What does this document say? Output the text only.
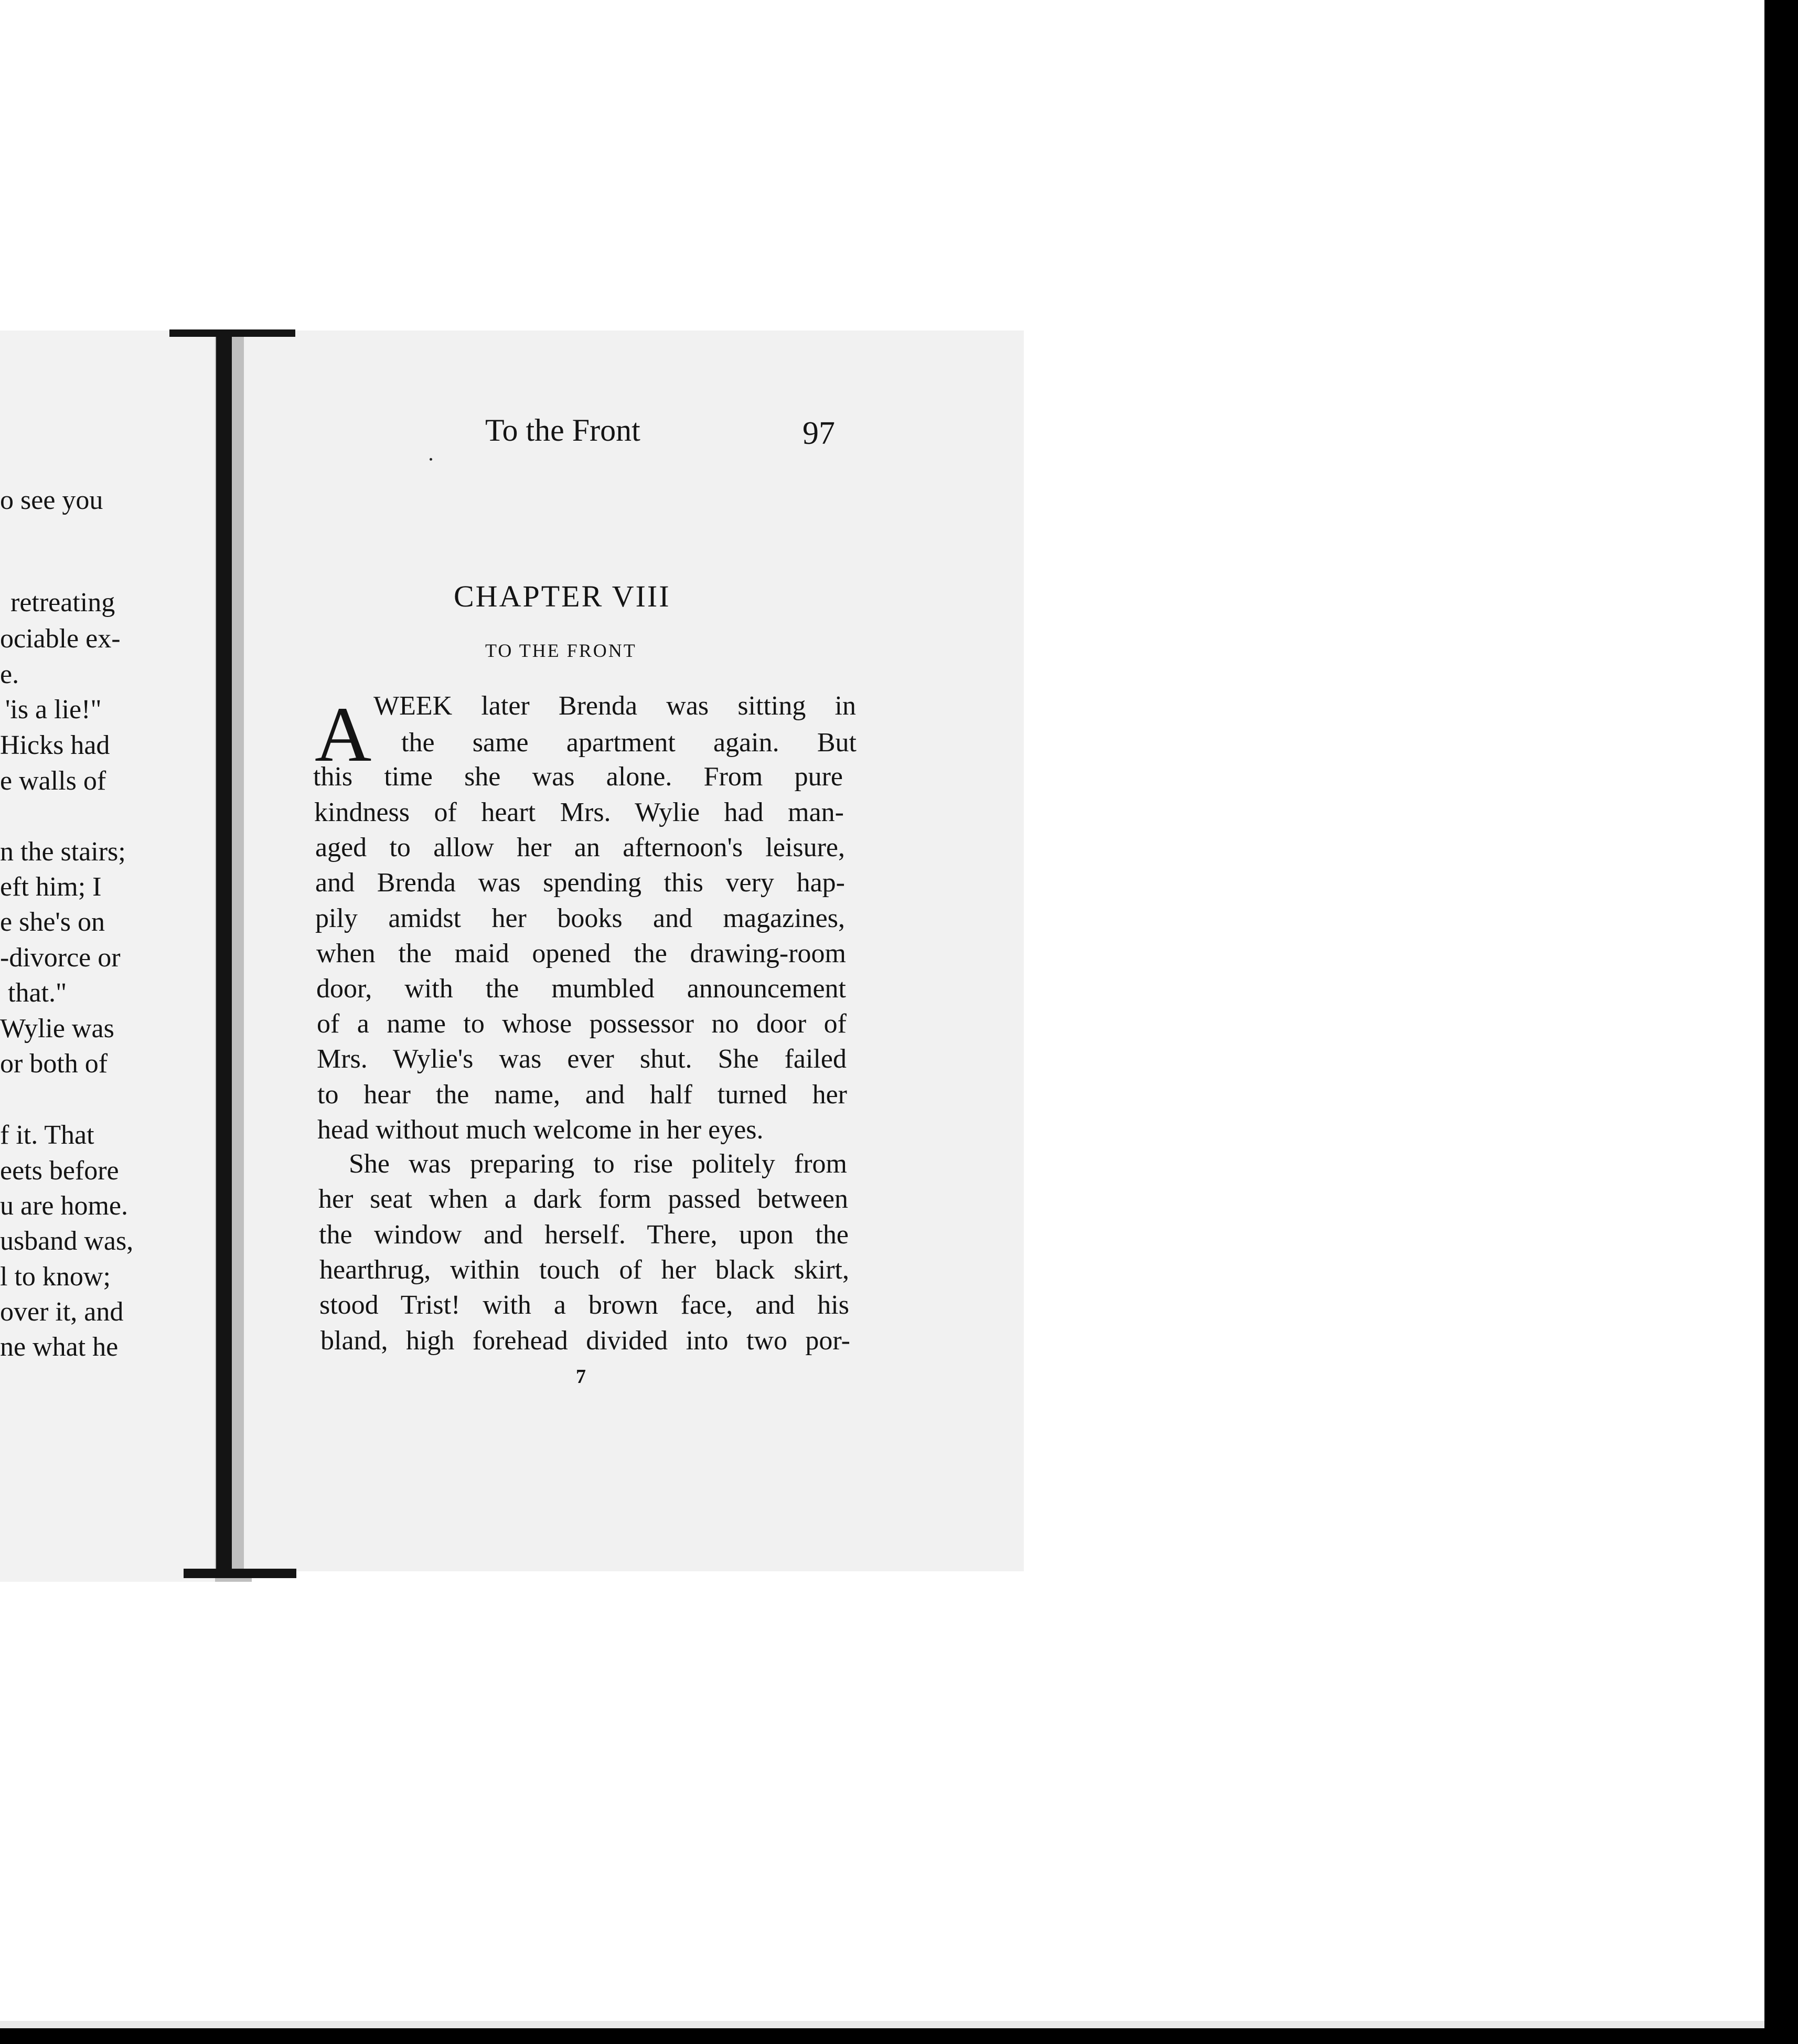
o see you

retreating

ociable ex-

e.

'is a lie!"

Hicks had

e walls of

n the stairs;

eft him; I

e she's on

-divorce or

that."

Wylie was

or both of

f it. That

eets before

u are home.

usband was,

l to know;

over it, and

ne what he

To the Front	97

CHAPTER VIII

TO THE FRONT

A WEEK later Brenda was sitting in

the same apartment again. But

this time she was alone. From pure

kindness of heart Mrs. Wylie had man-

aged to allow her an afternoon's leisure,

and Brenda was spending this very hap-

pily amidst her books and magazines,

when the maid opened the drawing-room

door, with the mumbled announcement

of a name to whose possessor no door of

Mrs. Wylie's was ever shut. She failed

to hear the name, and half turned her

head without much welcome in her eyes.

She was preparing to rise politely from

her seat when a dark form passed between

the window and herself. There, upon the

hearthrug, within touch of her black skirt,

stood Trist! with a brown face, and his

bland, high forehead divided into two por-

7
